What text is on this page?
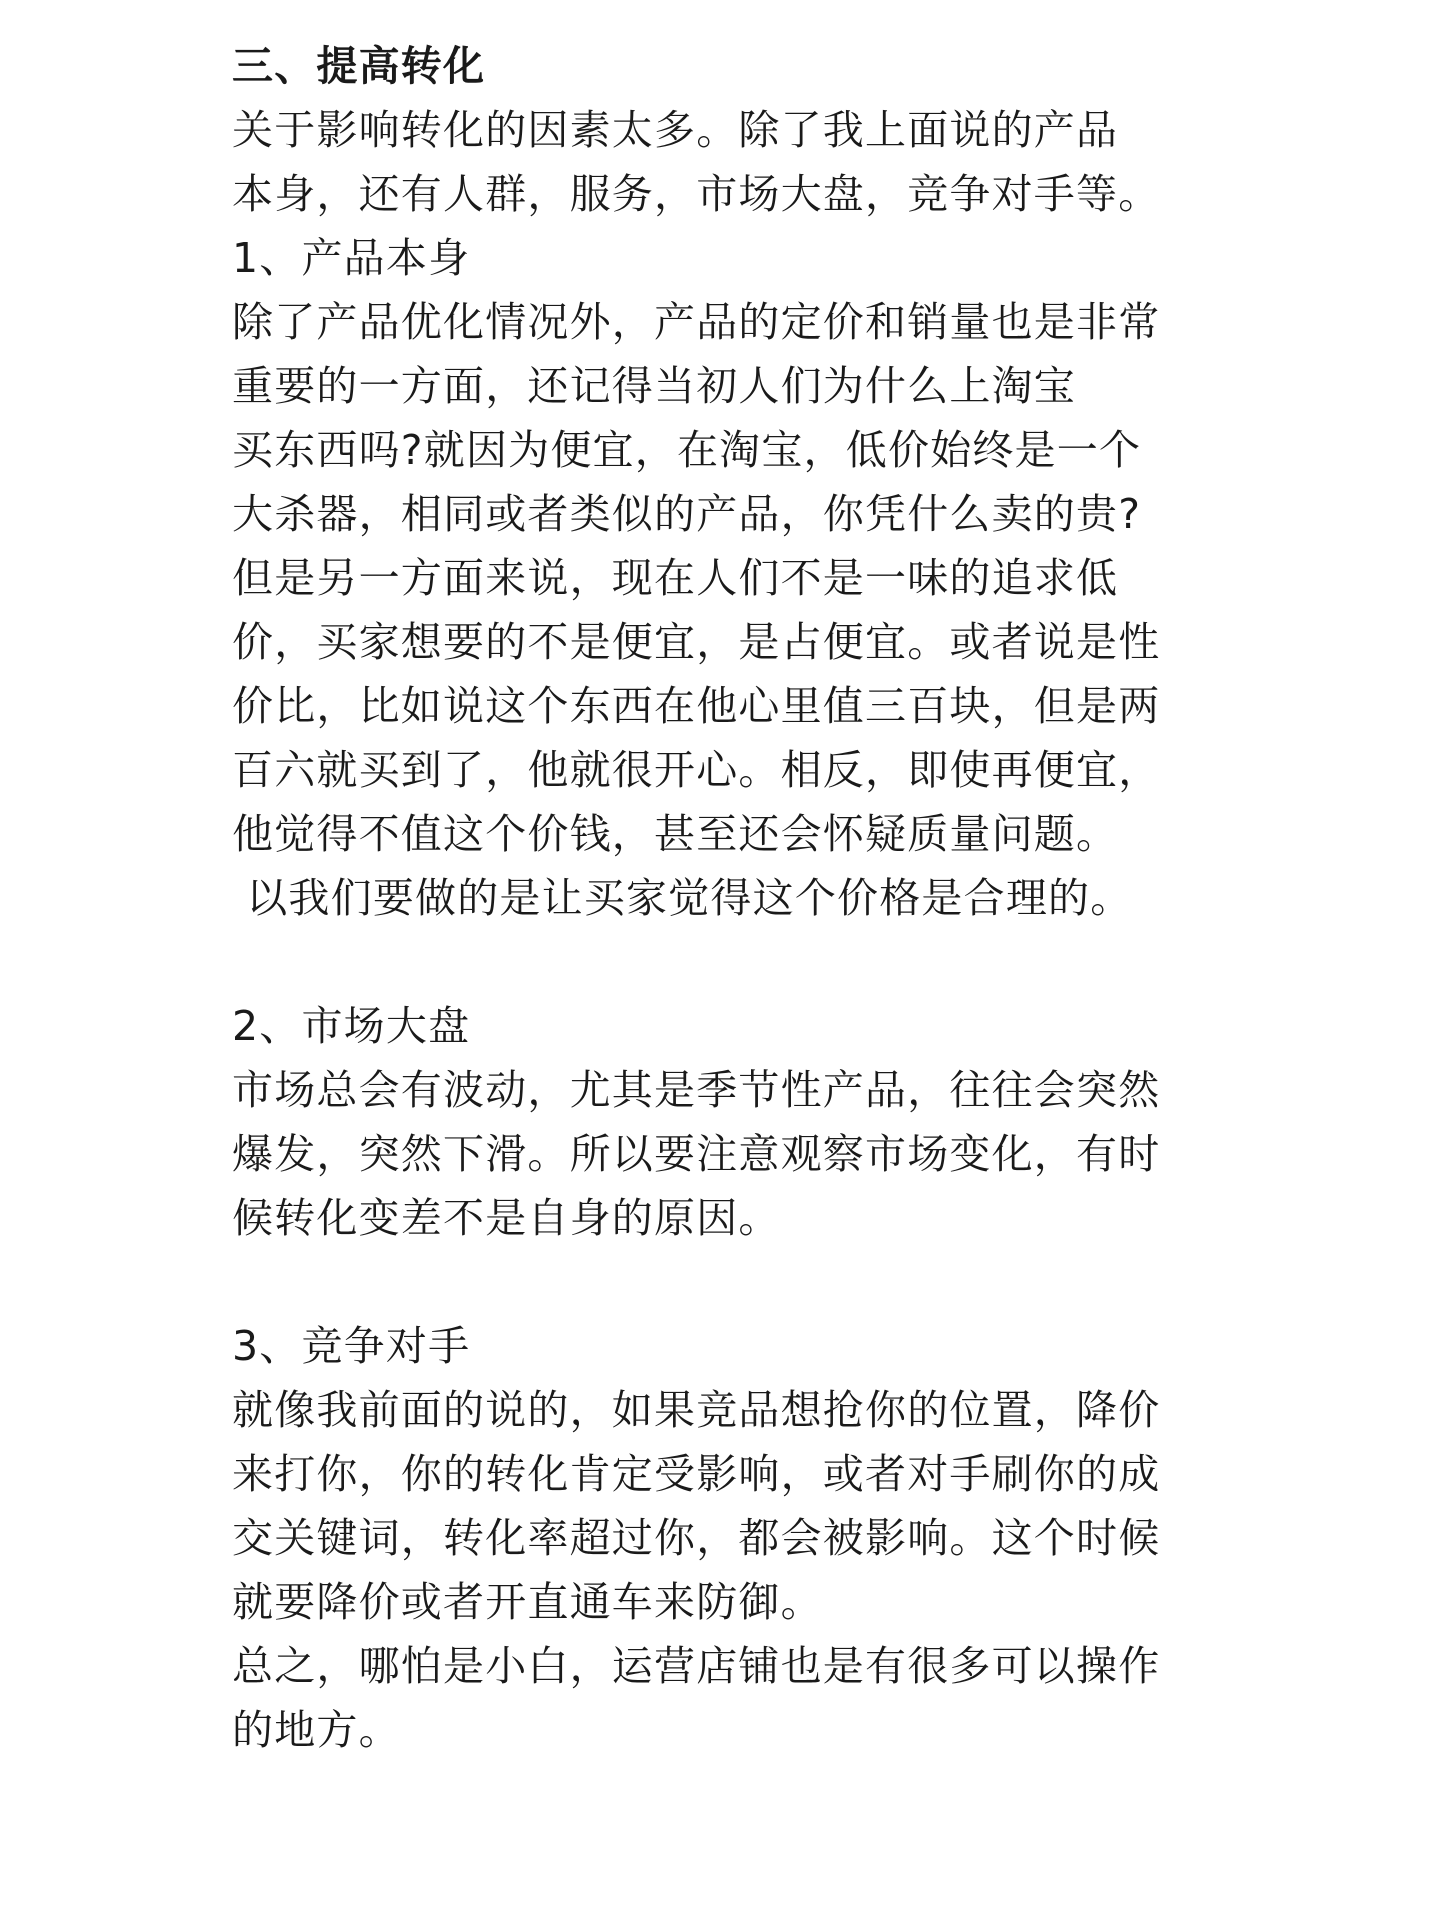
三、提高转化
关于影响转化的因素太多。除了我上面说的产品
本身，还有人群，服务，市场大盘，竞争对手等。
1、产品本身
除了产品优化情况外，产品的定价和销量也是非常
重要的一方面，还记得当初人们为什么上淘宝
买东西吗?就因为便宜，在淘宝，低价始终是一个
大杀器，相同或者类似的产品，你凭什么卖的贵?
但是另一方面来说，现在人们不是一味的追求低
价，买家想要的不是便宜，是占便宜。或者说是性
价比，比如说这个东西在他心里值三百块，但是两
百六就买到了，他就很开心。相反，即使再便宜，
他觉得不值这个价钱，甚至还会怀疑质量问题。
以我们要做的是让买家觉得这个价格是合理的。
2、市场大盘
市场总会有波动，尤其是季节性产品，往往会突然
爆发，突然下滑。所以要注意观察市场变化，有时
候转化变差不是自身的原因。
3、竞争对手
就像我前面的说的，如果竞品想抢你的位置，降价
来打你，你的转化肯定受影响，或者对手刷你的成
交关键词，转化率超过你，都会被影响。这个时候
就要降价或者开直通车来防御。
总之，哪怕是小白，运营店铺也是有很多可以操作
的地方。
